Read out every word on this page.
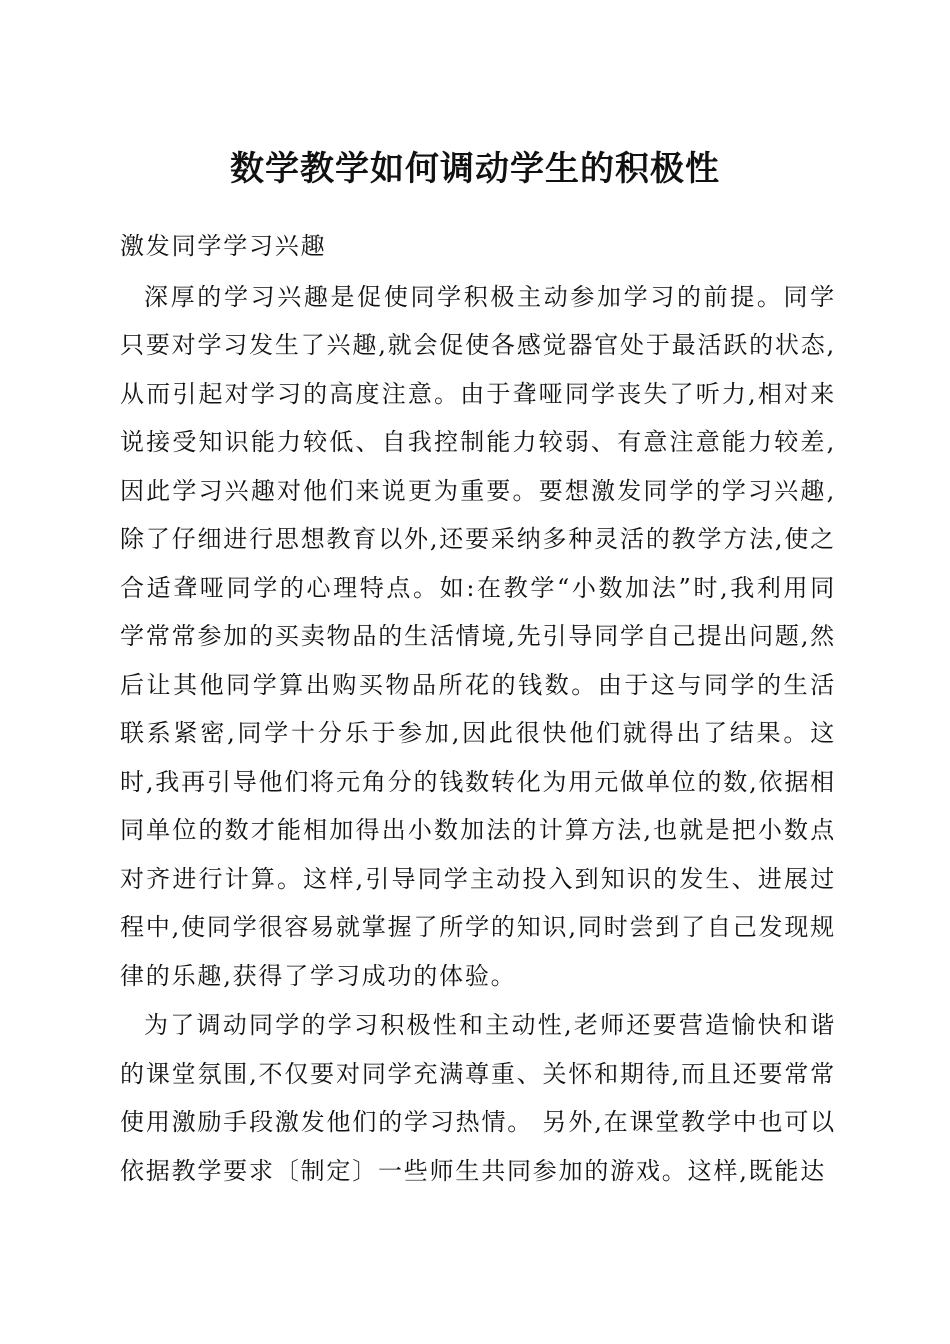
数学教学如何调动学生的积极性

激发同学学习兴趣

深厚的学习兴趣是促使同学积极主动参加学习的前提。同学只要对学习发生了兴趣,就会促使各感觉器官处于最活跃的状态,从而引起对学习的高度注意。由于聋哑同学丧失了听力,相对来说接受知识能力较低、自我控制能力较弱、有意注意能力较差,因此学习兴趣对他们来说更为重要。要想激发同学的学习兴趣,除了仔细进行思想教育以外,还要采纳多种灵活的教学方法,使之合适聋哑同学的心理特点。如:在教学“小数加法”时,我利用同学常常参加的买卖物品的生活情境,先引导同学自己提出问题,然后让其他同学算出购买物品所花的钱数。由于这与同学的生活联系紧密,同学十分乐于参加,因此很快他们就得出了结果。这时,我再引导他们将元角分的钱数转化为用元做单位的数,依据相同单位的数才能相加得出小数加法的计算方法,也就是把小数点对齐进行计算。这样,引导同学主动投入到知识的发生、进展过程中,使同学很容易就掌握了所学的知识,同时尝到了自己发现规律的乐趣,获得了学习成功的体验。

为了调动同学的学习积极性和主动性,老师还要营造愉快和谐的课堂氛围,不仅要对同学充满尊重、关怀和期待,而且还要常常使用激励手段激发他们的学习热情。 另外,在课堂教学中也可以依据教学要求〔制定〕一些师生共同参加的游戏。这样,既能达
